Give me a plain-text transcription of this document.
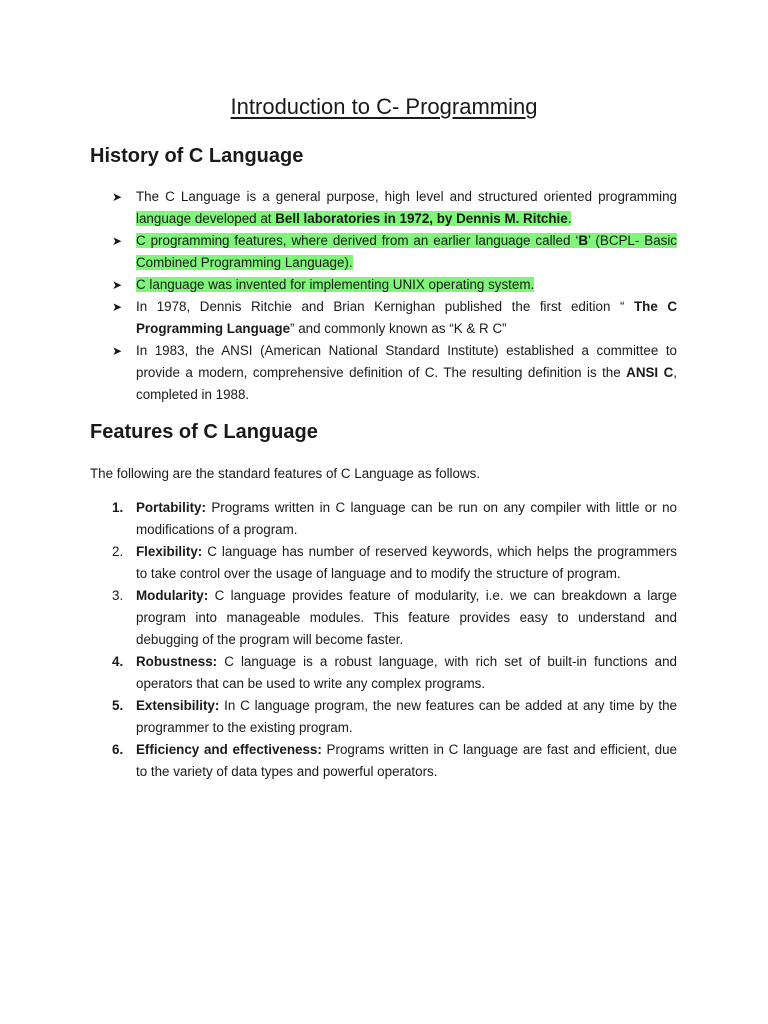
Introduction to C- Programming
History of C Language
➤ The C Language is a general purpose, high level and structured oriented programming language developed at Bell laboratories in 1972, by Dennis M. Ritchie.
➤ C programming features, where derived from an earlier language called ‘B’ (BCPL- Basic Combined Programming Language).
➤ C language was invented for implementing UNIX operating system.
➤ In 1978, Dennis Ritchie and Brian Kernighan published the first edition “ The C Programming Language” and commonly known as “K & R C”
➤ In 1983, the ANSI (American National Standard Institute) established a committee to provide a modern, comprehensive definition of C. The resulting definition is the ANSI C, completed in 1988.
Features of C Language
The following are the standard features of C Language as follows.
1. Portability: Programs written in C language can be run on any compiler with little or no modifications of a program.
2. Flexibility: C language has number of reserved keywords, which helps the programmers to take control over the usage of language and to modify the structure of program.
3. Modularity: C language provides feature of modularity, i.e. we can breakdown a large program into manageable modules. This feature provides easy to understand and debugging of the program will become faster.
4. Robustness: C language is a robust language, with rich set of built-in functions and operators that can be used to write any complex programs.
5. Extensibility: In C language program, the new features can be added at any time by the programmer to the existing program.
6. Efficiency and effectiveness: Programs written in C language are fast and efficient, due to the variety of data types and powerful operators.
